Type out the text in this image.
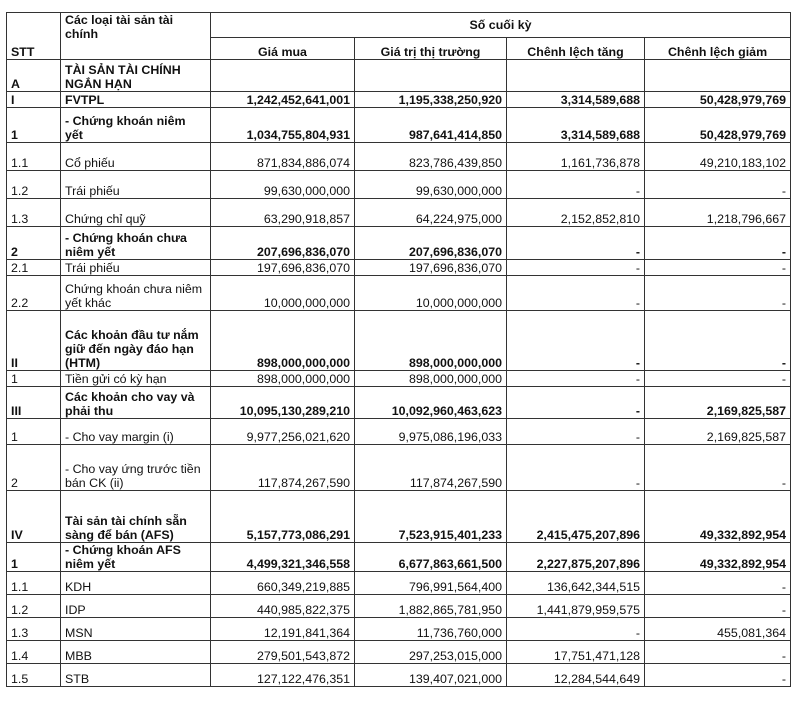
STT	Các loại tài sản tài chính	Số cuối kỳ			
		Giá mua	Giá trị thị trường	Chênh lệch tăng	Chênh lệch giảm
A	TÀI SẢN TÀI CHÍNH NGẮN HẠN				
I	FVTPL	1,242,452,641,001	1,195,338,250,920	3,314,589,688	50,428,979,769
1	- Chứng khoán niêm yết	1,034,755,804,931	987,641,414,850	3,314,589,688	50,428,979,769
1.1	Cổ phiếu	871,834,886,074	823,786,439,850	1,161,736,878	49,210,183,102
1.2	Trái phiếu	99,630,000,000	99,630,000,000	-	-
1.3	Chứng chỉ quỹ	63,290,918,857	64,224,975,000	2,152,852,810	1,218,796,667
2	- Chứng khoán chưa niêm yết	207,696,836,070	207,696,836,070	-	-
2.1	Trái phiếu	197,696,836,070	197,696,836,070	-	-
2.2	Chứng khoán chưa niêm yết khác	10,000,000,000	10,000,000,000	-	-
II	Các khoản đầu tư nắm giữ đến ngày đáo hạn (HTM)	898,000,000,000	898,000,000,000	-	-
1	Tiền gửi có kỳ hạn	898,000,000,000	898,000,000,000	-	-
III	Các khoản cho vay và phải thu	10,095,130,289,210	10,092,960,463,623	-	2,169,825,587
1	- Cho vay margin (i)	9,977,256,021,620	9,975,086,196,033	-	2,169,825,587
2	- Cho vay ứng trước tiền bán CK (ii)	117,874,267,590	117,874,267,590	-	-
IV	Tài sản tài chính sẵn sàng để bán (AFS)	5,157,773,086,291	7,523,915,401,233	2,415,475,207,896	49,332,892,954
1	- Chứng khoán AFS niêm yết	4,499,321,346,558	6,677,863,661,500	2,227,875,207,896	49,332,892,954
1.1	KDH	660,349,219,885	796,991,564,400	136,642,344,515	-
1.2	IDP	440,985,822,375	1,882,865,781,950	1,441,879,959,575	-
1.3	MSN	12,191,841,364	11,736,760,000	-	455,081,364
1.4	MBB	279,501,543,872	297,253,015,000	17,751,471,128	-
1.5	STB	127,122,476,351	139,407,021,000	12,284,544,649	-
